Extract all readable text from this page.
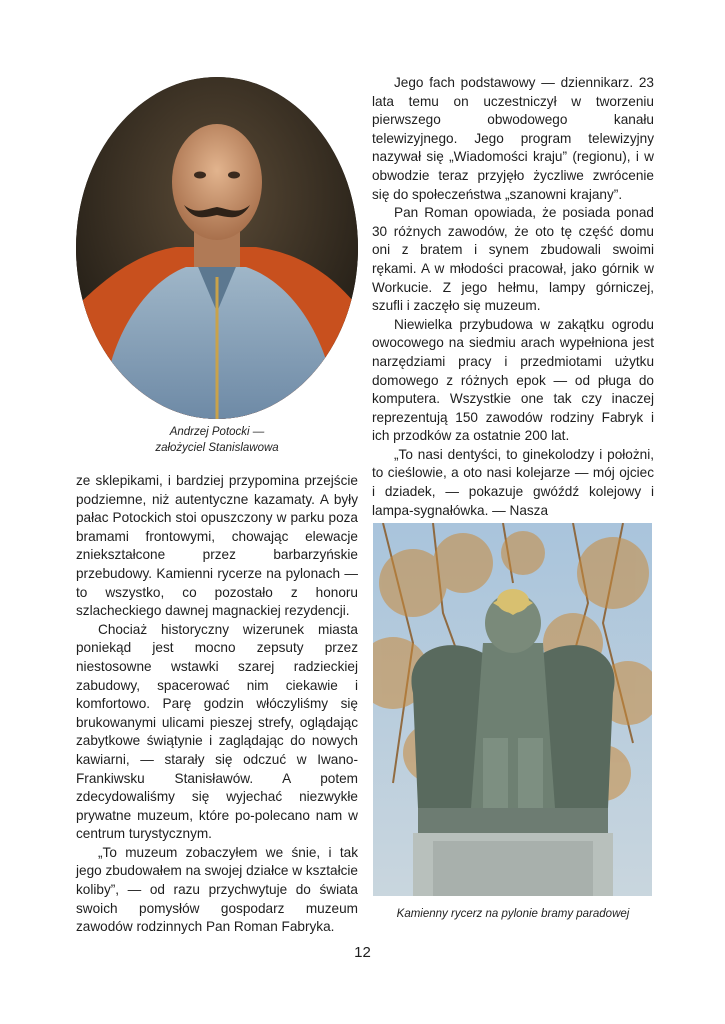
Andrzej Potocki —
założyciel Stanislawowa

ze sklepikami, i bardziej przypomina przejście podziemne, niż autentyczne kazamaty. A były pałac Potockich stoi opuszczony w parku poza bramami frontowymi, chowając elewacje zniekształcone przez barbarzyńskie przebudowy. Kamienni rycerze na pylonach — to wszystko, co pozostało z honoru szlacheckiego dawnej magnackiej rezydencji.

Chociaż historyczny wizerunek miasta poniekąd jest mocno zepsuty przez niestosowne wstawki szarej radzieckiej zabudowy, spacerować nim ciekawie i komfortowo. Parę godzin włóczyliśmy się brukowanymi ulicami pieszej strefy, oglądając zabytkowe świątynie i zaglądając do nowych kawiarni, — starały się odczuć w Iwano-Frankiwsku Stanisławów. A potem zdecydowaliśmy się wyjechać niezwykłe prywatne muzeum, które po-polecano nam w centrum turystycznym.

„To muzeum zobaczyłem we śnie, i tak jego zbudowałem na swojej działce w kształcie koliby”, — od razu przychwytuje do świata swoich pomysłów gospodarz muzeum zawodów rodzinnych Pan Roman Fabryka.

Jego fach podstawowy — dziennikarz. 23 lata temu on uczestniczył w tworzeniu pierwszego obwodowego kanału telewizyjnego. Jego program telewizyjny nazywał się „Wiadomości kraju” (regionu), i w obwodzie teraz przyjęło życzliwe zwrócenie się do społeczeństwa „szanowni krajany”.

Pan Roman opowiada, że posiada ponad 30 różnych zawodów, że oto tę część domu oni z bratem i synem zbudowali swoimi rękami. A w młodości pracował, jako górnik w Workucie. Z jego hełmu, lampy górniczej, szufli i zaczęło się muzeum.

Niewielka przybudowa w zakątku ogrodu owocowego na siedmiu arach wypełniona jest narzędziami pracy i przedmiotami użytku domowego z różnych epok — od pługa do komputera. Wszystkie one tak czy inaczej reprezentują 150 zawodów rodziny Fabryk i ich przodków za ostatnie 200 lat.

„To nasi dentyści, to ginekolodzy i położni, to cieślowie, a oto nasi kolejarze — mój ojciec i dziadek, — pokazuje gwóźdź kolejowy i lampa-sygnałówka. — Nasza

Kamienny rycerz na pylonie bramy paradowej
12
